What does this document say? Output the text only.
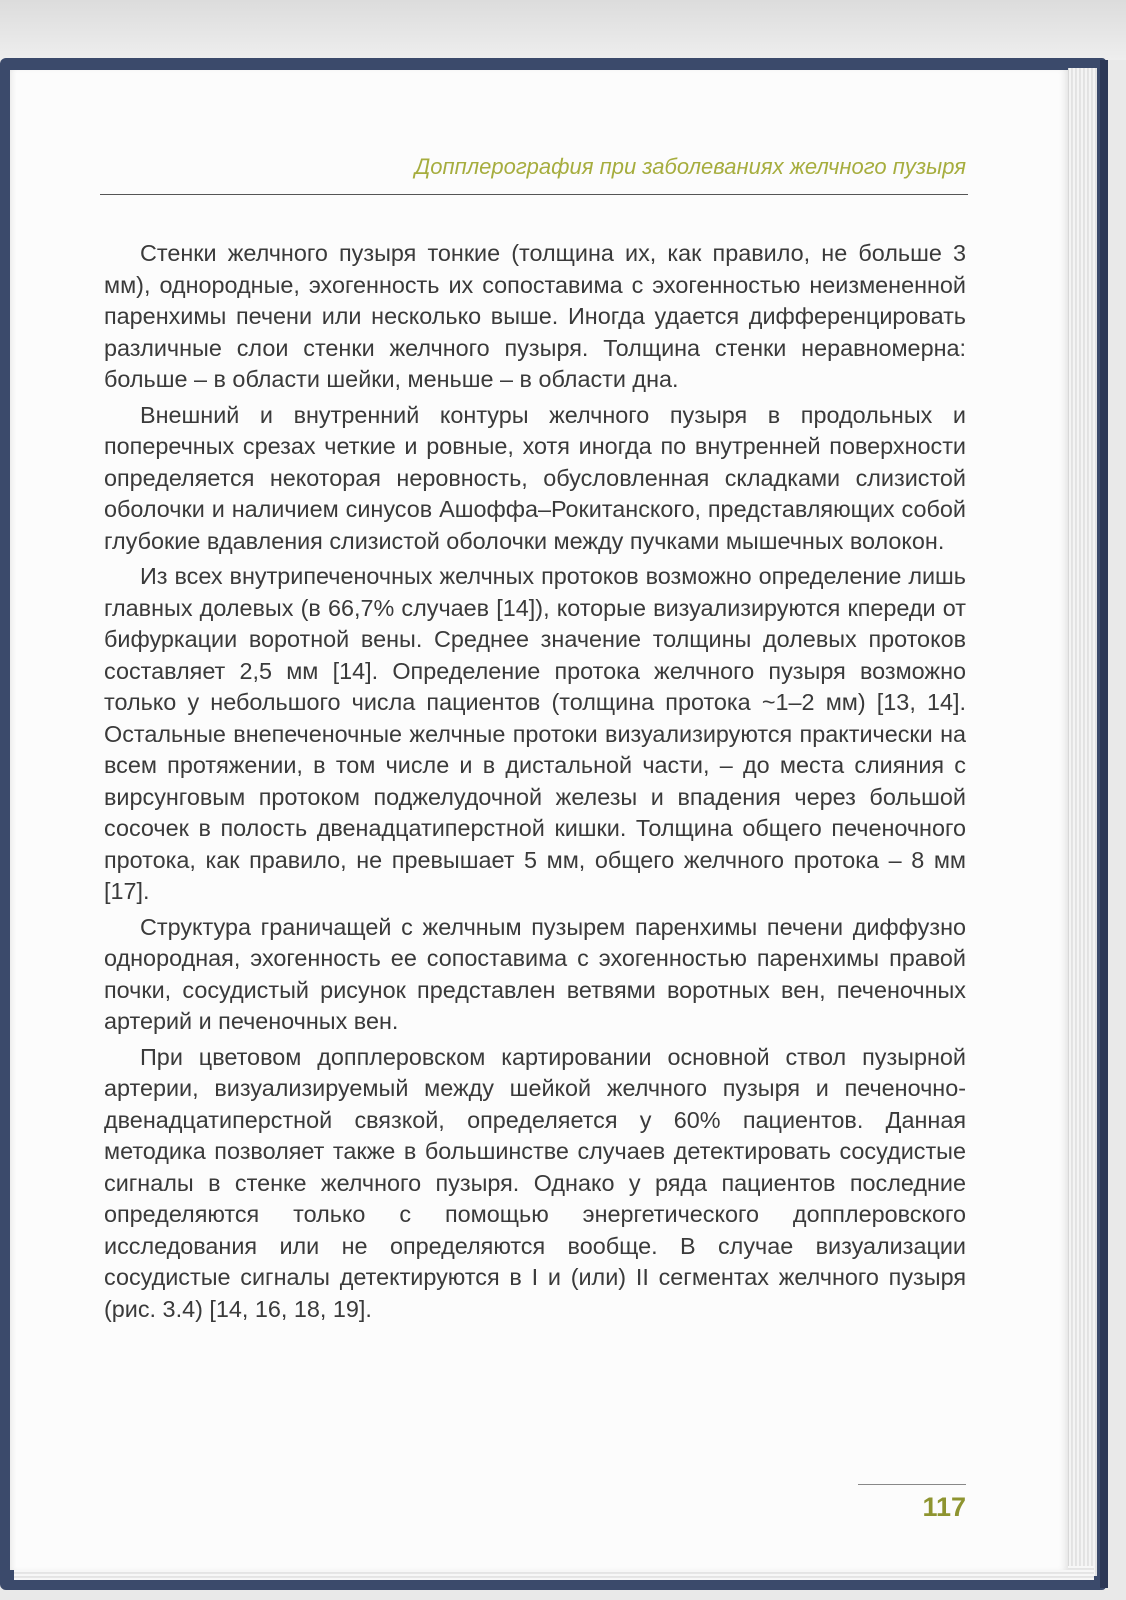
Допплерография при заболеваниях желчного пузыря

Стенки желчного пузыря тонкие (толщина их, как правило, не больше 3 мм), однородные, эхогенность их сопоставима с эхогенностью неизмененной паренхимы печени или несколько выше. Иногда удается дифференцировать различные слои стенки желчного пузыря. Толщина стенки неравномерна: больше – в области шейки, меньше – в области дна.

Внешний и внутренний контуры желчного пузыря в продольных и поперечных срезах четкие и ровные, хотя иногда по внутренней поверхности определяется некоторая неровность, обусловленная складками слизистой оболочки и наличием синусов Ашоффа–Рокитанского, представляющих собой глубокие вдавления слизистой оболочки между пучками мышечных волокон.

Из всех внутрипеченочных желчных протоков возможно определение лишь главных долевых (в 66,7% случаев [14]), которые визуализируются кпереди от бифуркации воротной вены. Среднее значение толщины долевых протоков составляет 2,5 мм [14]. Определение протока желчного пузыря возможно только у небольшого числа пациентов (толщина протока ~1–2 мм) [13, 14]. Остальные внепеченочные желчные протоки визуализируются практически на всем протяжении, в том числе и в дистальной части, – до места слияния с вирсунговым протоком поджелудочной железы и впадения через большой сосочек в полость двенадцатиперстной кишки. Толщина общего печеночного протока, как правило, не превышает 5 мм, общего желчного протока – 8 мм [17].

Структура граничащей с желчным пузырем паренхимы печени диффузно однородная, эхогенность ее сопоставима с эхогенностью паренхимы правой почки, сосудистый рисунок представлен ветвями воротных вен, печеночных артерий и печеночных вен.

При цветовом допплеровском картировании основной ствол пузырной артерии, визуализируемый между шейкой желчного пузыря и печеночно-двенадцатиперстной связкой, определяется у 60% пациентов. Данная методика позволяет также в большинстве случаев детектировать сосудистые сигналы в стенке желчного пузыря. Однако у ряда пациентов последние определяются только с помощью энергетического допплеровского исследования или не определяются вообще. В случае визуализации сосудистые сигналы детектируются в I и (или) II сегментах желчного пузыря (рис. 3.4) [14, 16, 18, 19].

117
